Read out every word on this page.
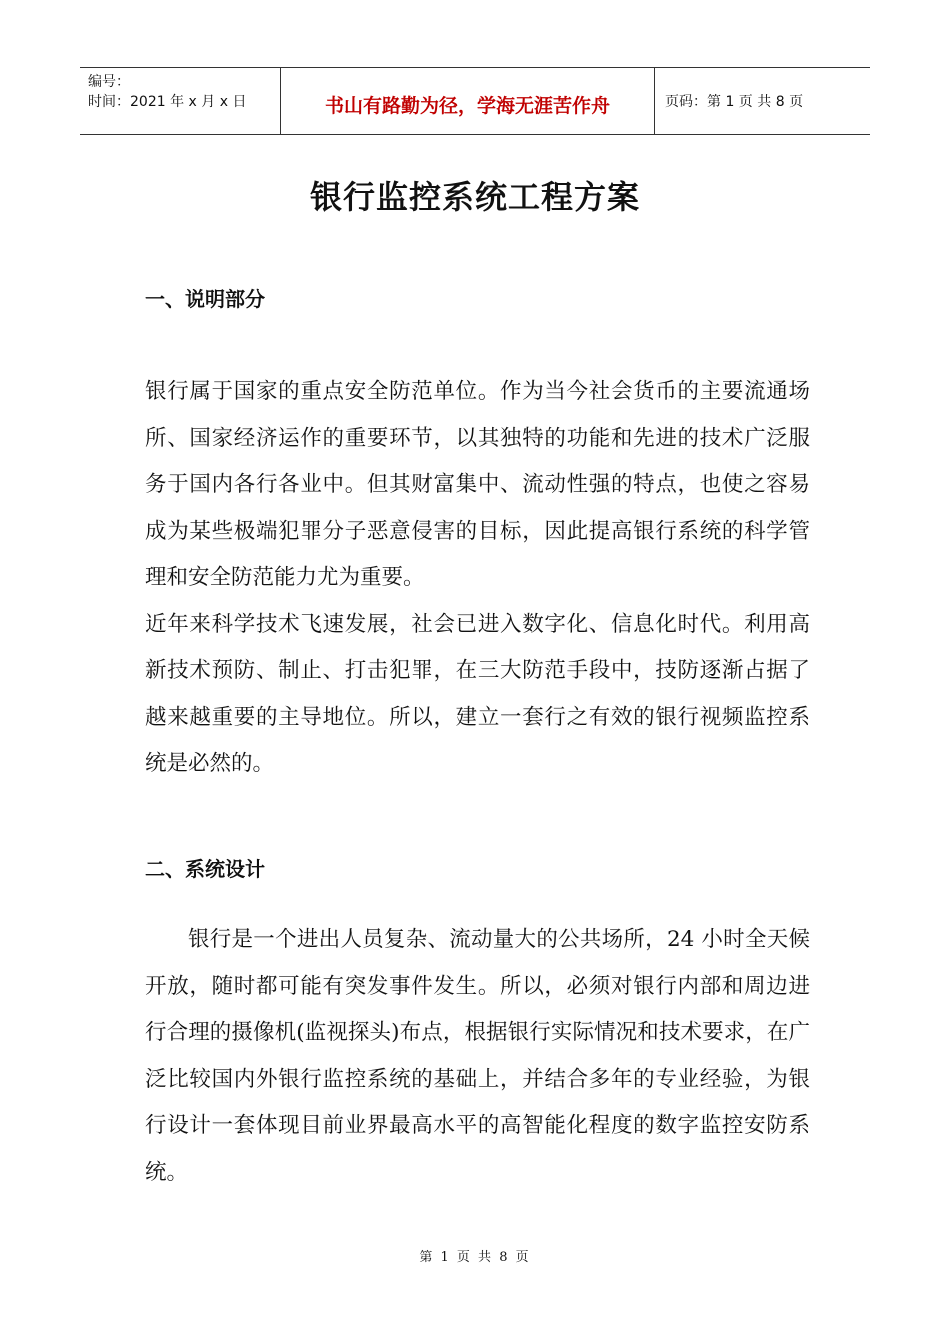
编号：
时间：2021 年 x 月 x 日	书山有路勤为径，学海无涯苦作舟	页码：第 1 页 共 8 页
银行监控系统工程方案
一、说明部分

银行属于国家的重点安全防范单位。作为当今社会货币的主要流通场所、国家经济运作的重要环节，以其独特的功能和先进的技术广泛服务于国内各行各业中。但其财富集中、流动性强的特点，也使之容易成为某些极端犯罪分子恶意侵害的目标，因此提高银行系统的科学管理和安全防范能力尤为重要。

近年来科学技术飞速发展，社会已进入数字化、信息化时代。利用高新技术预防、制止、打击犯罪，在三大防范手段中，技防逐渐占据了越来越重要的主导地位。所以，建立一套行之有效的银行视频监控系统是必然的。

二、系统设计

银行是一个进出人员复杂、流动量大的公共场所，24 小时全天候开放，随时都可能有突发事件发生。所以，必须对银行内部和周边进行合理的摄像机(监视探头)布点，根据银行实际情况和技术要求，在广泛比较国内外银行监控系统的基础上，并结合多年的专业经验，为银行设计一套体现目前业界最高水平的高智能化程度的数字监控安防系统。

第 1 页 共 8 页
